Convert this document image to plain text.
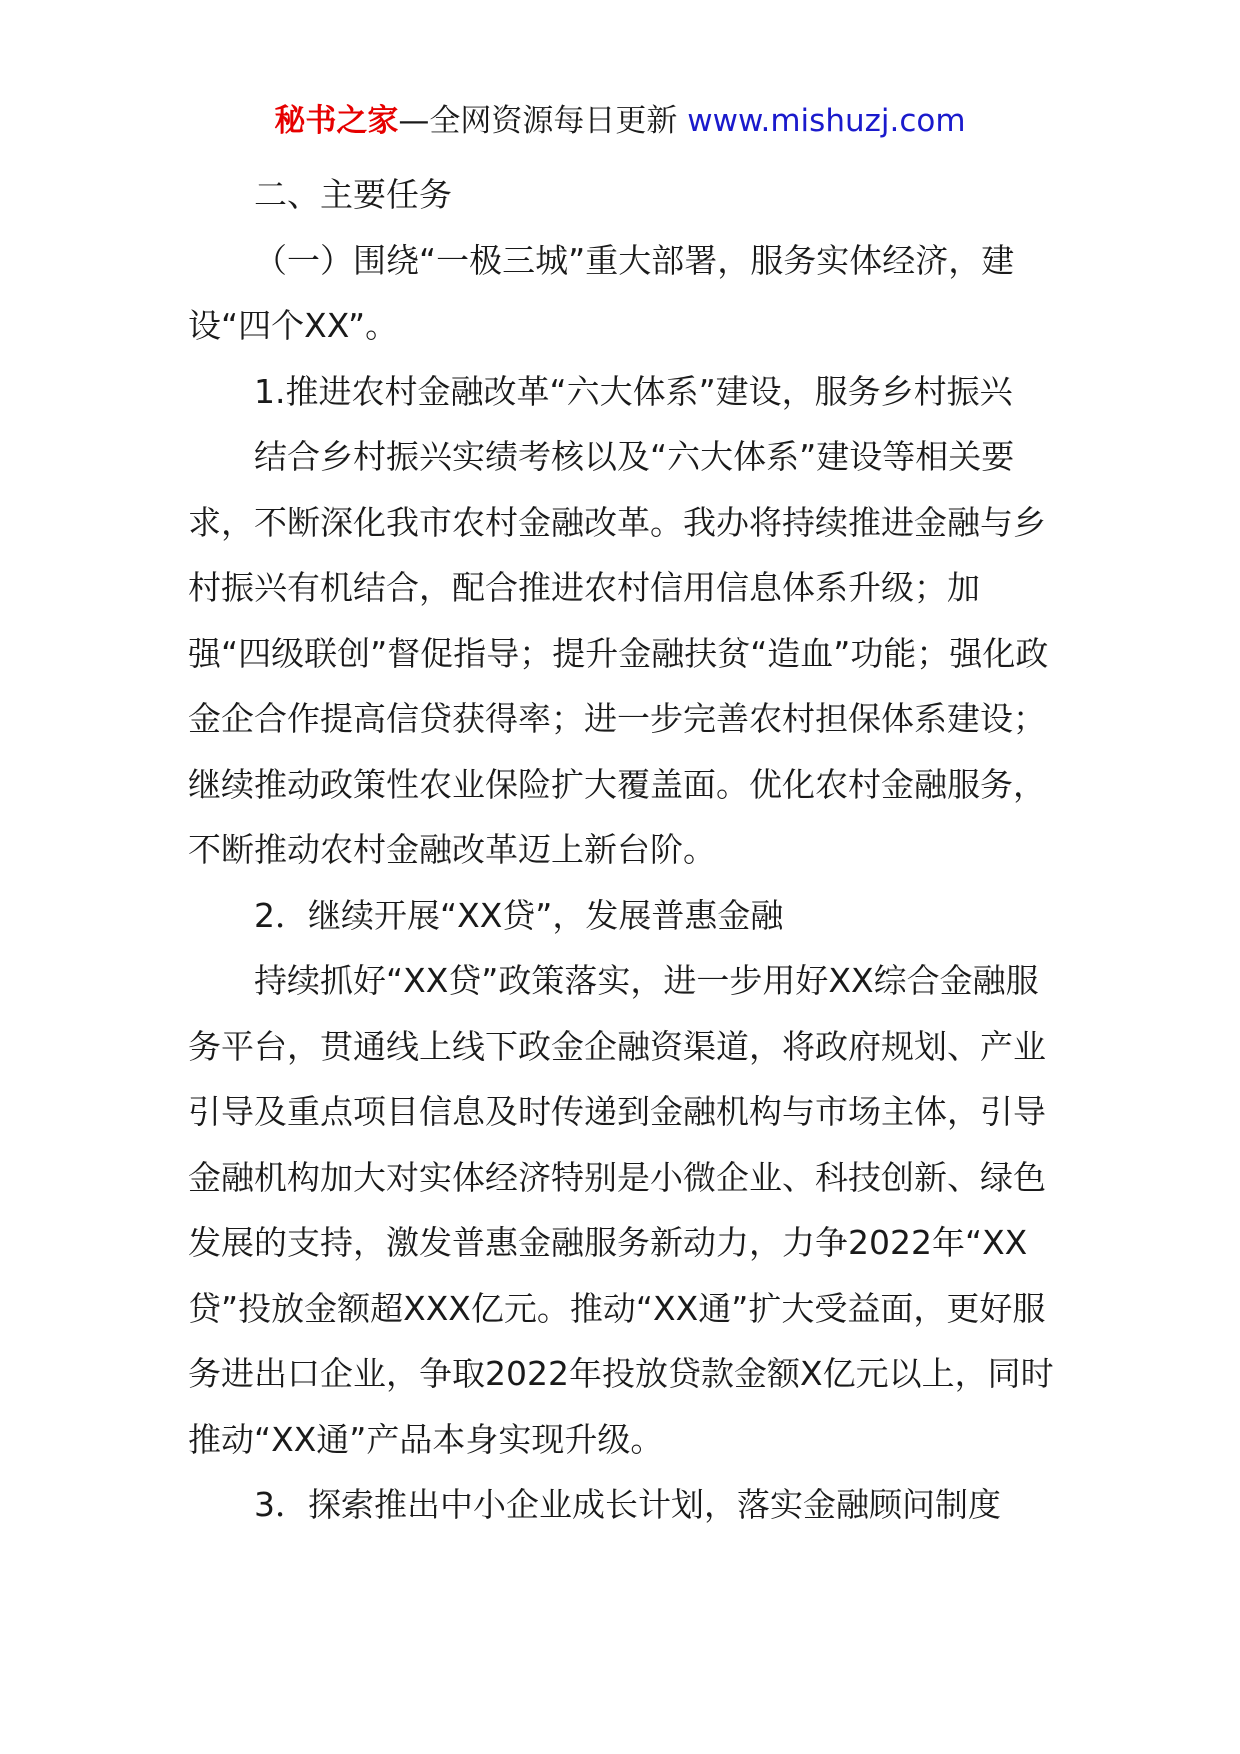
秘书之家—全网资源每日更新 www.mishuzj.com

二、主要任务

（一）围绕“一极三城”重大部署，服务实体经济，建设“四个XX”。

1.推进农村金融改革“六大体系”建设，服务乡村振兴

结合乡村振兴实绩考核以及“六大体系”建设等相关要求，不断深化我市农村金融改革。我办将持续推进金融与乡村振兴有机结合，配合推进农村信用信息体系升级；加强“四级联创”督促指导；提升金融扶贫“造血”功能；强化政金企合作提高信贷获得率；进一步完善农村担保体系建设；继续推动政策性农业保险扩大覆盖面。优化农村金融服务，不断推动农村金融改革迈上新台阶。

2．继续开展“XX贷”，发展普惠金融

持续抓好“XX贷”政策落实，进一步用好XX综合金融服务平台，贯通线上线下政金企融资渠道，将政府规划、产业引导及重点项目信息及时传递到金融机构与市场主体，引导金融机构加大对实体经济特别是小微企业、科技创新、绿色发展的支持，激发普惠金融服务新动力，力争2022年“XX贷”投放金额超XXX亿元。推动“XX通”扩大受益面，更好服务进出口企业，争取2022年投放贷款金额X亿元以上，同时推动“XX通”产品本身实现升级。

3．探索推出中小企业成长计划，落实金融顾问制度
